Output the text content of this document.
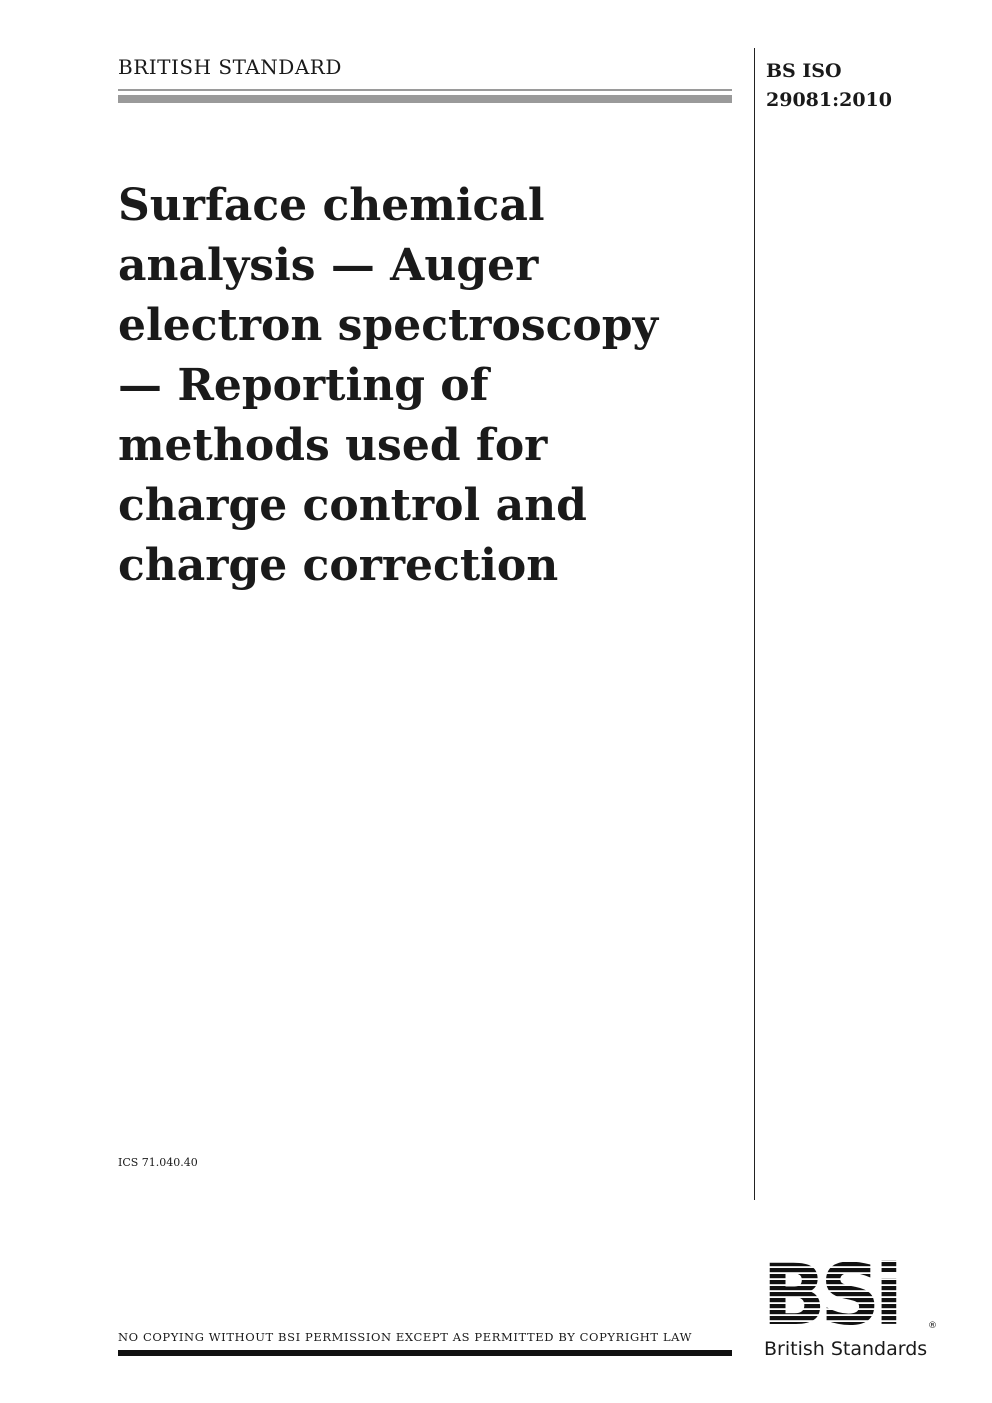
BRITISH STANDARD	BS ISO
29081:2010
Surface chemical
analysis — Auger
electron spectroscopy
— Reporting of
methods used for
charge control and
charge correction
ICS 71.040.40
NO COPYING WITHOUT BSI PERMISSION EXCEPT AS PERMITTED BY COPYRIGHT LAW
®
British Standards
